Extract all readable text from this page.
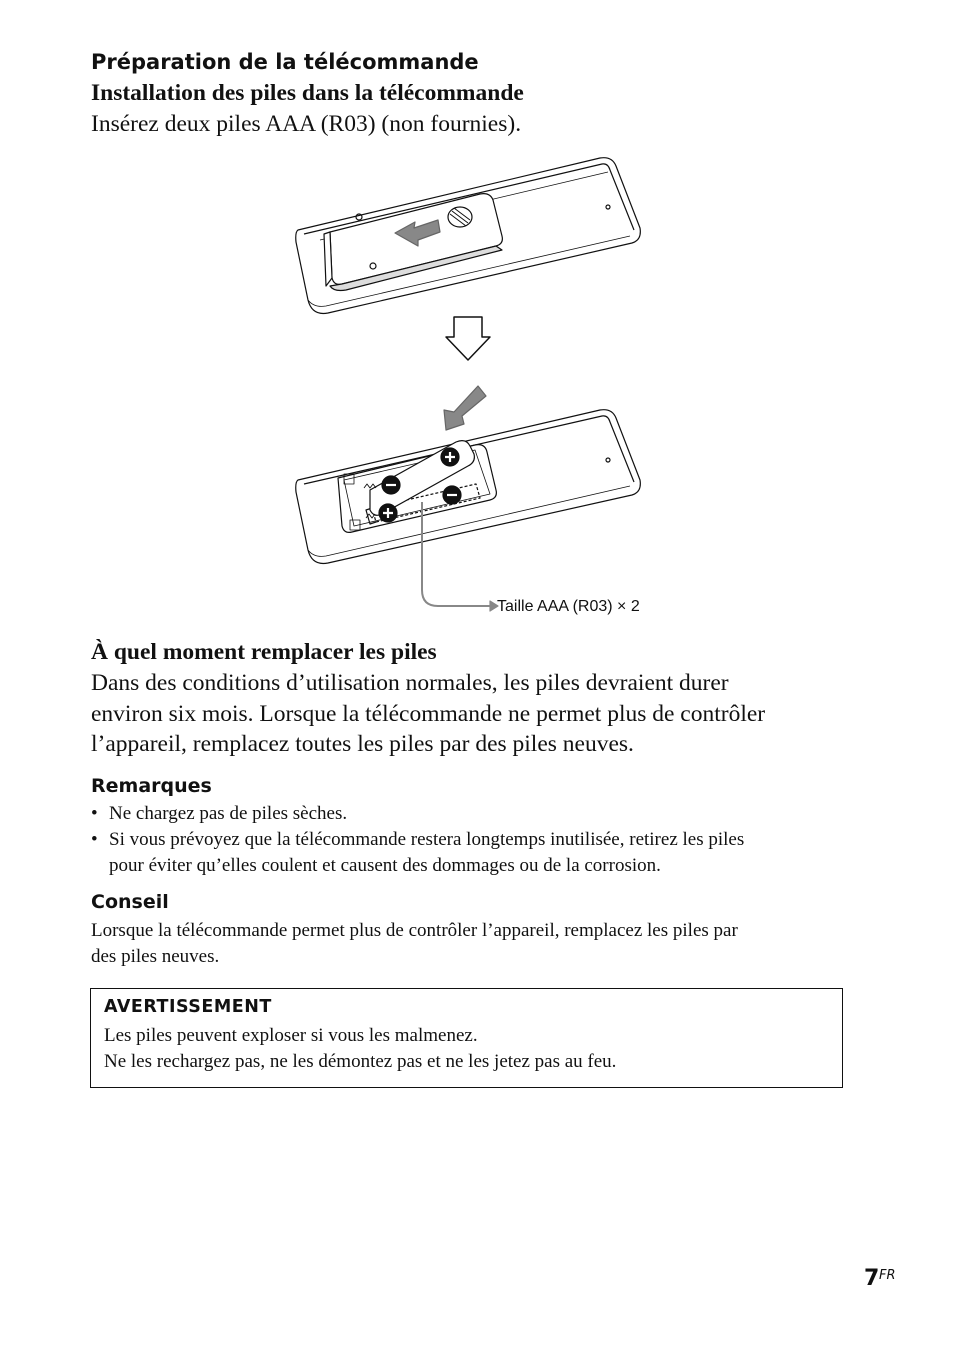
Préparation de la télécommande
Installation des piles dans la télécommande
Insérez deux piles AAA (R03) (non fournies).
Taille AAA (R03) × 2
À quel moment remplacer les piles
Dans des conditions d’utilisation normales, les piles devraient durer
environ six mois. Lorsque la télécommande ne permet plus de contrôler
l’appareil, remplacez toutes les piles par des piles neuves.
Remarques
• Ne chargez pas de piles sèches.
• Si vous prévoyez que la télécommande restera longtemps inutilisée, retirez les piles
pour éviter qu’elles coulent et causent des dommages ou de la corrosion.
Conseil
Lorsque la télécommande permet plus de contrôler l’appareil, remplacez les piles par
des piles neuves.
AVERTISSEMENT
Les piles peuvent exploser si vous les malmenez.
Ne les rechargez pas, ne les démontez pas et ne les jetez pas au feu.
7 FR
